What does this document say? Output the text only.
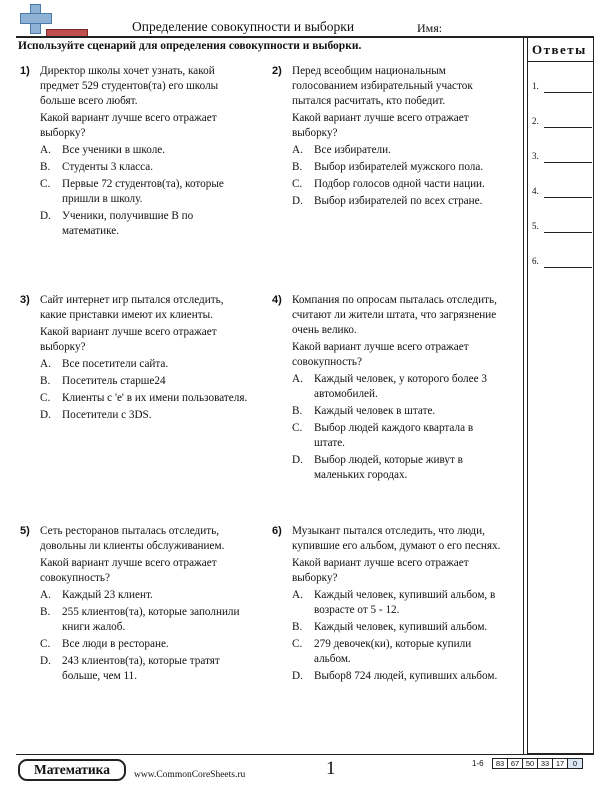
Определение совокупности и выборки	Имя:
Используйте сценарий для определения совокупности и выборки.	Ответы
1.
2.
3.
4.
5.
6.
1) Директор школы хочет узнать, какой предмет 529 студентов(та) его школы больше всего любят.
Какой вариант лучше всего отражает выборку?
A. Все ученики в школе.
B. Студенты 3 класса.
C. Первые 72 студентов(та), которые пришли в школу.
D. Ученики, получившие B по математике.
2) Перед всеобщим национальным голосованием избирательный участок пытался расчитать, кто победит.
Какой вариант лучше всего отражает выборку?
A. Все избиратели.
B. Выбор избирателей мужского пола.
C. Подбор голосов одной части нации.
D. Выбор избирателей по всех стране.
3) Сайт интернет игр пытался отследить, какие приставки имеют их клиенты.
Какой вариант лучше всего отражает выборку?
A. Все посетители сайта.
B. Посетитель старше24
C. Клиенты с 'е' в их имени пользователя.
D. Посетители с 3DS.
4) Компания по опросам пыталась отследить, считают ли жители штата, что загрязнение очень велико.
Какой вариант лучше всего отражает совокупность?
A. Каждый человек, у которого более 3 автомобилей.
B. Каждый человек в штате.
C. Выбор людей каждого квартала в штате.
D. Выбор людей, которые живут в маленьких городах.
5) Сеть ресторанов пыталась отследить, довольны ли клиенты обслуживанием.
Какой вариант лучше всего отражает совокупность?
A. Каждый 23 клиент.
B. 255 клиентов(та), которые заполнили книги жалоб.
C. Все люди в ресторане.
D. 243 клиентов(та), которые тратят больше, чем 11.
6) Музыкант пытался отследить, что люди, купившие его альбом, думают о его песнях.
Какой вариант лучше всего отражает выборку?
A. Каждый человек, купивший альбом, в возрасте от 5 - 12.
B. Каждый человек, купивший альбом.
C. 279 девочек(ки), которые купили альбом.
D. Выбор8 724 людей, купивших альбом.
Математика	www.CommonCoreSheets.ru	1	1-6	83 67 50 33 17	0
